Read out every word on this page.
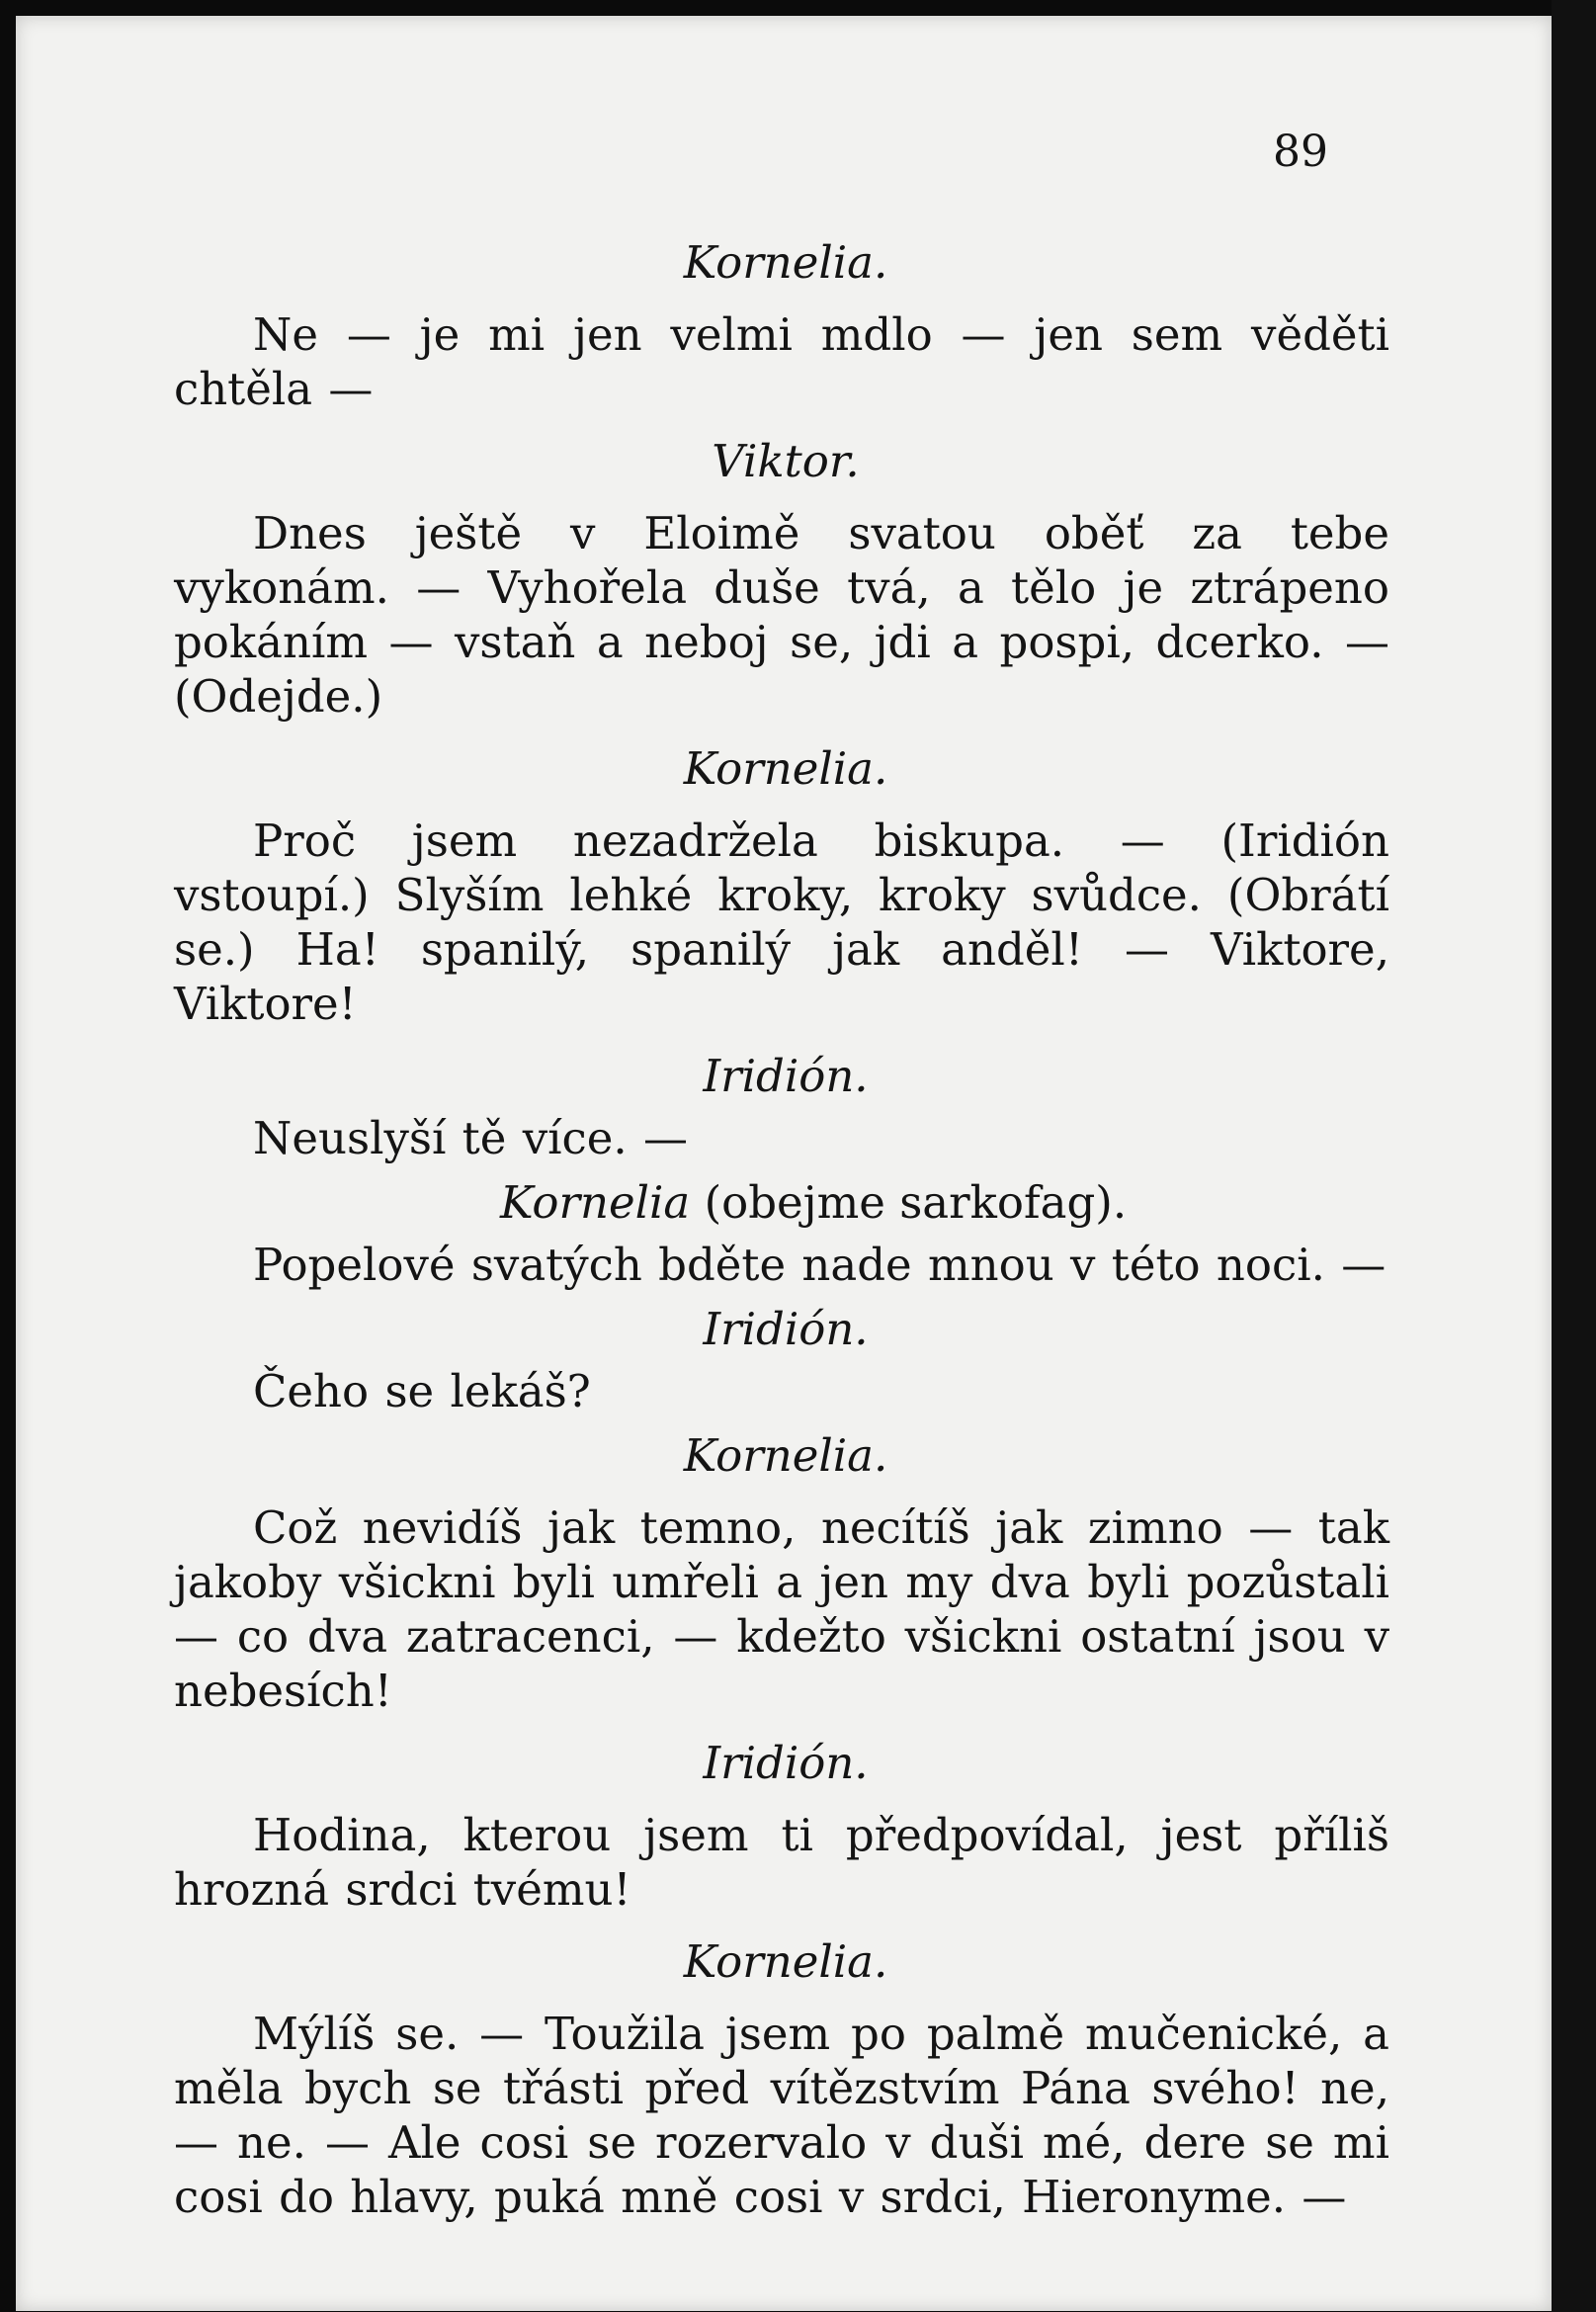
89

Kornelia.

Ne — je mi jen velmi mdlo — jen sem věděti chtěla —

Viktor.

Dnes ještě v Eloimě svatou oběť za tebe vykonám. — Vyhořela duše tvá, a tělo je ztrápeno pokáním — vstaň a neboj se, jdi a pospi, dcerko. — (Odejde.)

Kornelia.

Proč jsem nezadržela biskupa. — (Iridión vstoupí.) Slyším lehké kroky, kroky svůdce. (Obrátí se.) Ha! spanilý, spanilý jak anděl! — Viktore, Viktore!

Iridión.

Neuslyší tě více. —

Kornelia (obejme sarkofag).

Popelové svatých bděte nade mnou v této noci. —

Iridión.

Čeho se lekáš?

Kornelia.

Což nevidíš jak temno, necítíš jak zimno — tak jakoby všickni byli umřeli a jen my dva byli pozůstali — co dva zatracenci, — kdežto všickni ostatní jsou v nebesích!

Iridión.

Hodina, kterou jsem ti předpovídal, jest příliš hrozná srdci tvému!

Kornelia.

Mýlíš se. — Toužila jsem po palmě mučenické, a měla bych se třásti před vítězstvím Pána svého! ne, — ne. — Ale cosi se rozervalo v duši mé, dere se mi cosi do hlavy, puká mně cosi v srdci, Hieronyme. —
